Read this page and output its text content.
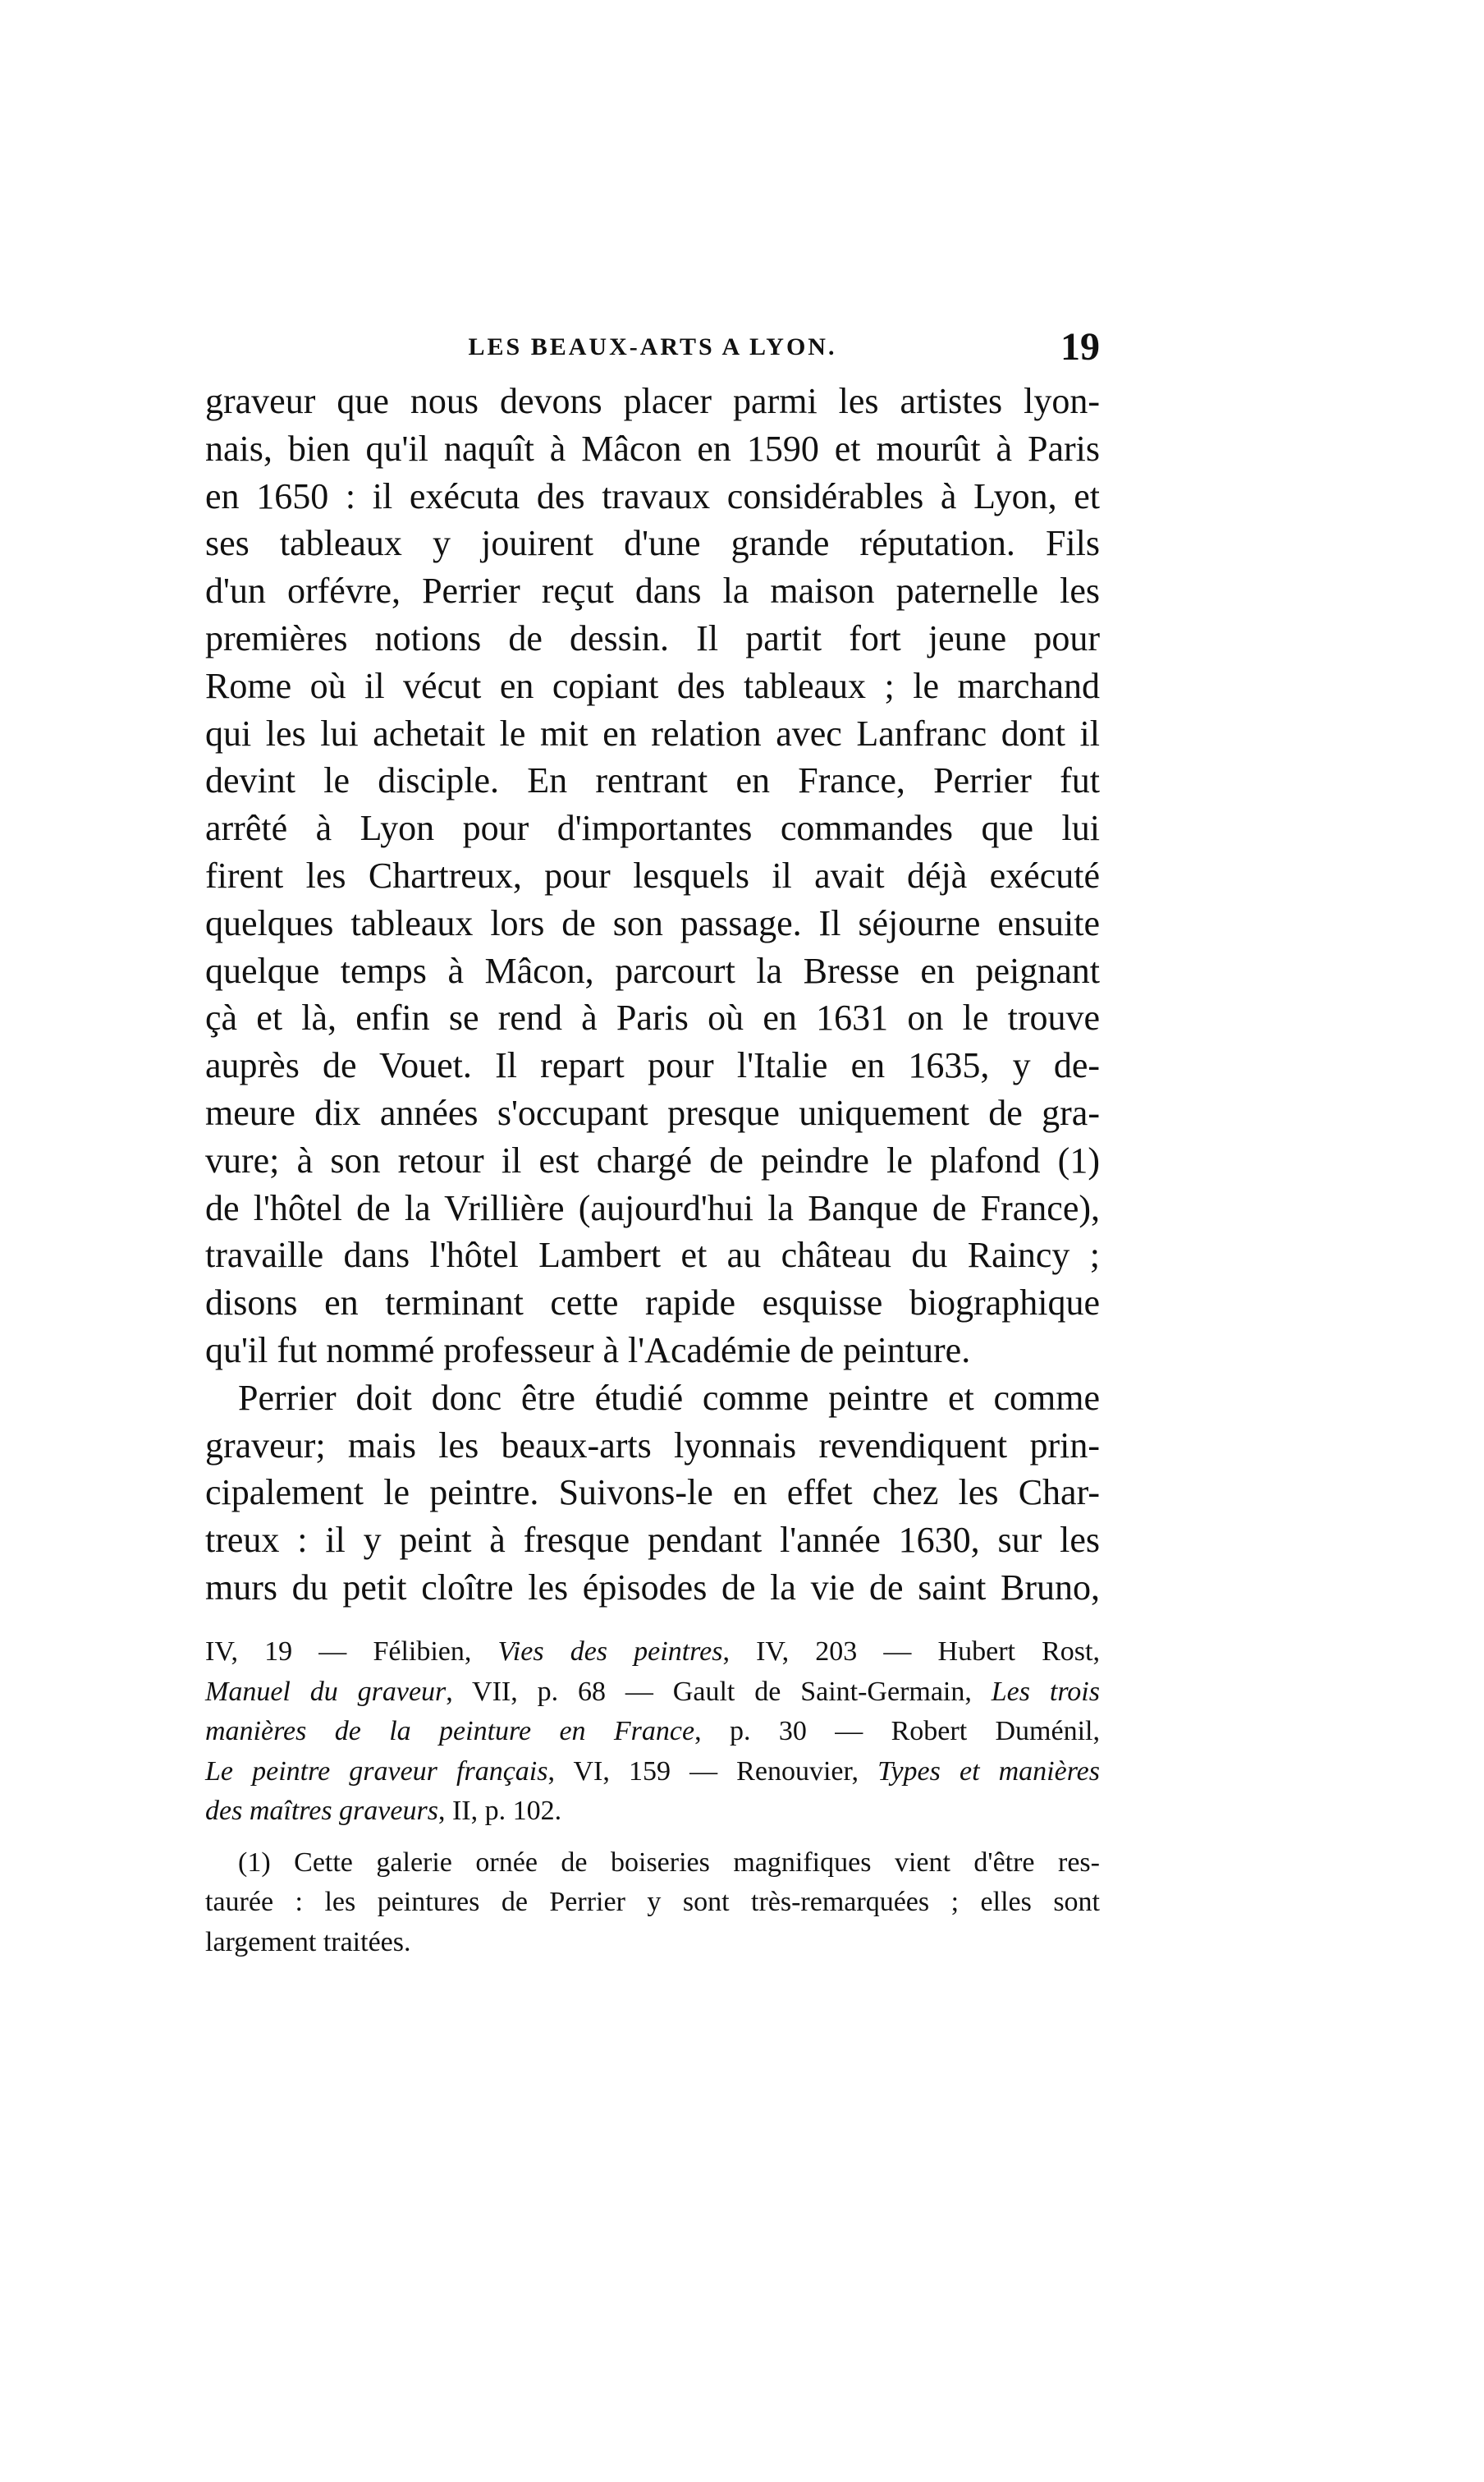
LES BEAUX-ARTS A LYON.	19
graveur que nous devons placer parmi les artistes lyon-
nais, bien qu'il naquît à Mâcon en 1590 et mourût à Paris
en 1650 : il exécuta des travaux considérables à Lyon, et
ses tableaux y jouirent d'une grande réputation. Fils
d'un orfévre, Perrier reçut dans la maison paternelle les
premières notions de dessin. Il partit fort jeune pour
Rome où il vécut en copiant des tableaux ; le marchand
qui les lui achetait le mit en relation avec Lanfranc dont il
devint le disciple. En rentrant en France, Perrier fut
arrêté à Lyon pour d'importantes commandes que lui
firent les Chartreux, pour lesquels il avait déjà exécuté
quelques tableaux lors de son passage. Il séjourne ensuite
quelque temps à Mâcon, parcourt la Bresse en peignant
çà et là, enfin se rend à Paris où en 1631 on le trouve
auprès de Vouet. Il repart pour l'Italie en 1635, y de-
meure dix années s'occupant presque uniquement de gra-
vure; à son retour il est chargé de peindre le plafond (1)
de l'hôtel de la Vrillière (aujourd'hui la Banque de France),
travaille dans l'hôtel Lambert et au château du Raincy ;
disons en terminant cette rapide esquisse biographique
qu'il fut nommé professeur à l'Académie de peinture.
Perrier doit donc être étudié comme peintre et comme
graveur; mais les beaux-arts lyonnais revendiquent prin-
cipalement le peintre. Suivons-le en effet chez les Char-
treux : il y peint à fresque pendant l'année 1630, sur les
murs du petit cloître les épisodes de la vie de saint Bruno,
IV, 19 — Félibien, Vies des peintres, IV, 203 — Hubert Rost,
Manuel du graveur, VII, p. 68 — Gault de Saint-Germain, Les trois
manières de la peinture en France, p. 30 — Robert Duménil,
Le peintre graveur français, VI, 159 — Renouvier, Types et manières
des maîtres graveurs, II, p. 102.
(1) Cette galerie ornée de boiseries magnifiques vient d'être res-
taurée : les peintures de Perrier y sont très-remarquées ; elles sont
largement traitées.
